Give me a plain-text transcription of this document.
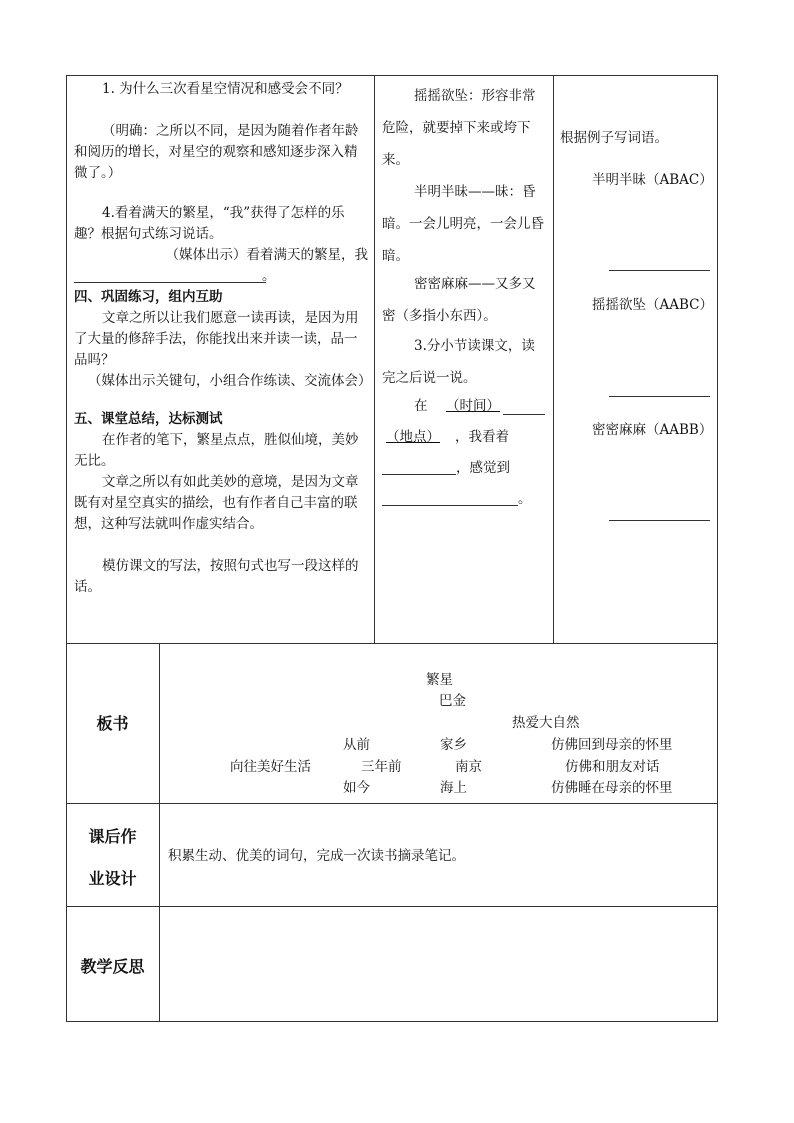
1. 为什么三次看星空情况和感受会不同？
（明确：之所以不同，是因为随着作者年龄和阅历的增长，对星空的观察和感知逐步深入精微了。）
4.看着满天的繁星，“我”获得了怎样的乐趣？根据句式练习说话。
（媒体出示）看着满天的繁星，我
。
四、巩固练习，组内互助
文章之所以让我们愿意一读再读，是因为用了大量的修辞手法，你能找出来并读一读，品一品吗？
（媒体出示关键句，小组合作练读、交流体会）
五、课堂总结，达标测试
在作者的笔下，繁星点点，胜似仙境，美妙无比。
文章之所以有如此美妙的意境，是因为文章既有对星空真实的描绘，也有作者自己丰富的联想，这种写法就叫作虚实结合。
模仿课文的写法，按照句式也写一段这样的话。
摇摇欲坠：形容非常危险，就要掉下来或垮下来。
半明半昧——昧：昏暗。一会儿明亮，一会儿昏暗。
密密麻麻——又多又密（多指小东西）。
3.分小节读课文，读完之后说一说。
在 （时间）
（地点） ，我看着
，感觉到
。
根据例子写词语。
半明半昧（ABAC）
摇摇欲坠（AABC）
密密麻麻（AABB）
板书
繁星
巴金
热爱大自然
向往美好生活
从前
三年前
如今
家乡
南京
海上
仿佛回到母亲的怀里
仿佛和朋友对话
仿佛睡在母亲的怀里
课后作
业设计
积累生动、优美的词句，完成一次读书摘录笔记。
教学反思
